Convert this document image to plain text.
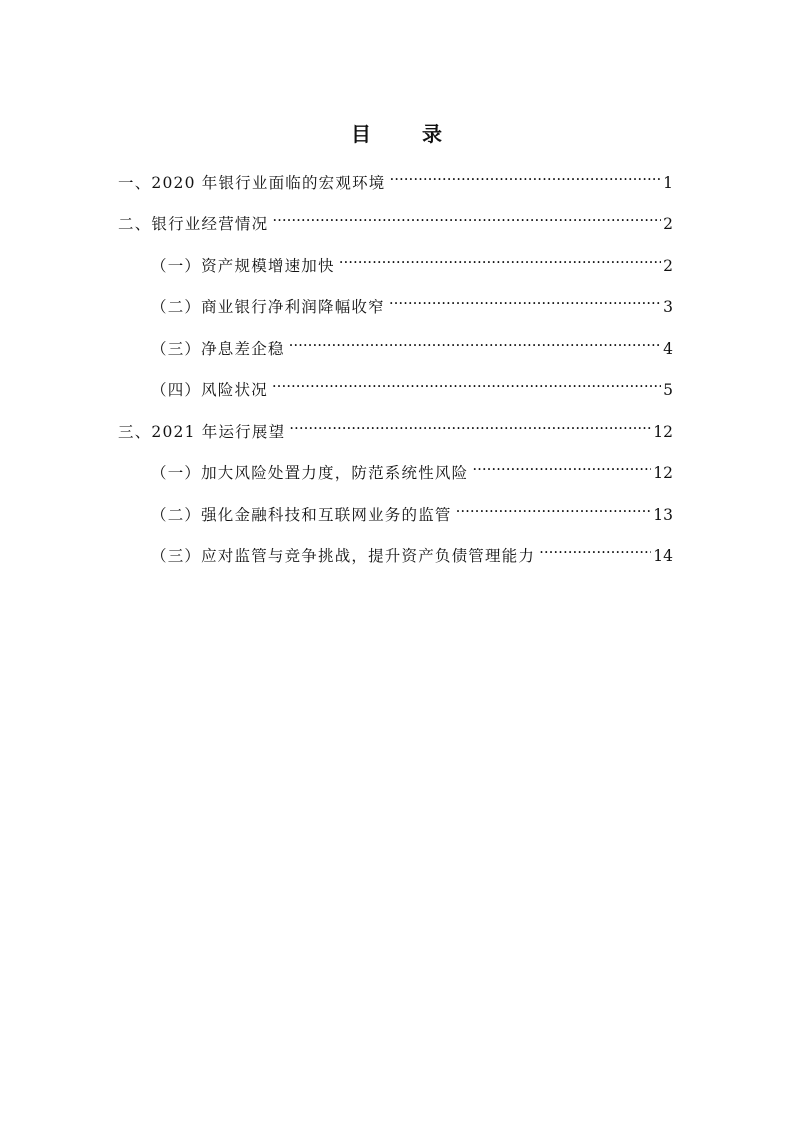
目 录
一、2020 年银行业面临的宏观环境 .....	1
二、银行业经营情况 .....	2
（一）资产规模增速加快 .....	2
（二）商业银行净利润降幅收窄 .....	3
（三）净息差企稳 .....	4
（四）风险状况 .....	5
三、2021 年运行展望 .....	12
（一）加大风险处置力度，防范系统性风险 .....	12
（二）强化金融科技和互联网业务的监管 .....	13
（三）应对监管与竞争挑战，提升资产负债管理能力 .....	14
